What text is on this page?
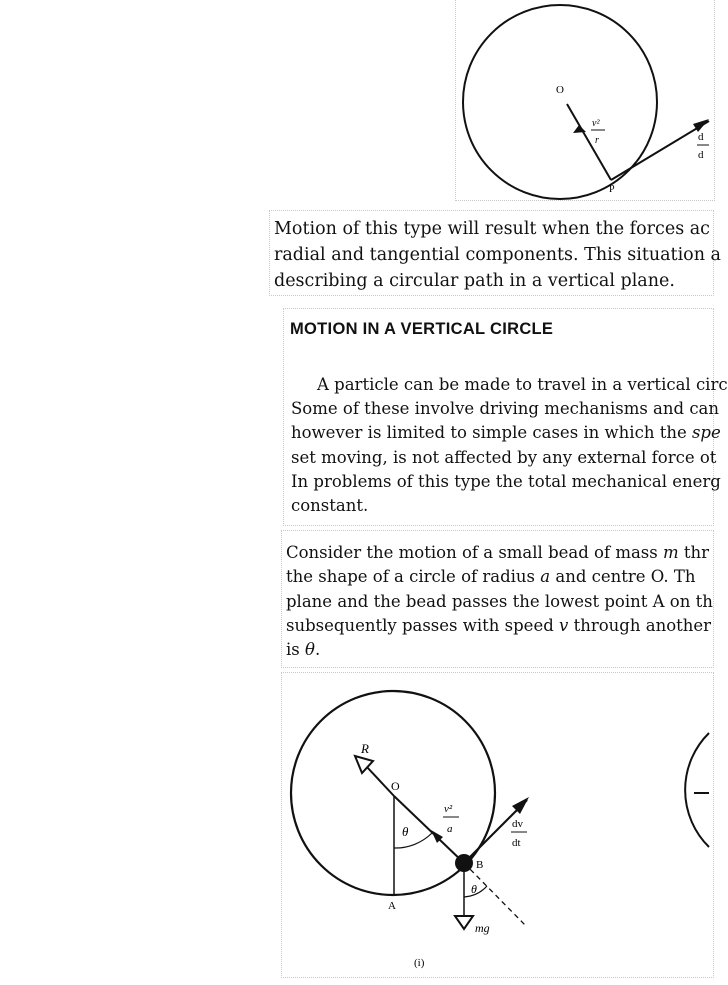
O
P
v²
r	d
d
Motion of this type will result when the forces ac
radial and tangential components. This situation a
describing a circular path in a vertical plane.
MOTION IN A VERTICAL CIRCLE
A particle can be made to travel in a vertical circ
Some of these involve driving mechanisms and can
however is limited to simple cases in which the spe
set moving, is not affected by any external force ot
In problems of this type the total mechanical energ
constant.
Consider the motion of a small bead of mass m thr
the shape of a circle of radius a and centre O. Th
plane and the bead passes the lowest point A on th
subsequently passes with speed v through another
is θ.
R
O
θ
v²
a	dv
dt
B
θ
A
mg
(i)
